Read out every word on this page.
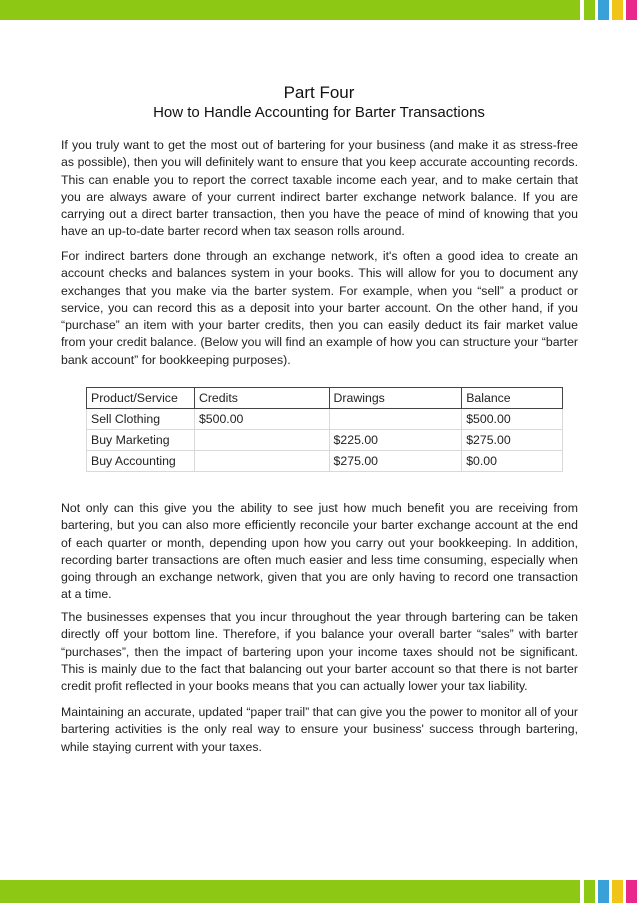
Part Four
How to Handle Accounting for Barter Transactions

If you truly want to get the most out of bartering for your business (and make it as stress-free as possible), then you will definitely want to ensure that you keep accurate accounting records. This can enable you to report the correct taxable income each year, and to make certain that you are always aware of your current indirect barter exchange network balance. If you are carrying out a direct barter transaction, then you have the peace of mind of knowing that you have an up-to-date barter record when tax season rolls around.

For indirect barters done through an exchange network, it's often a good idea to create an account checks and balances system in your books. This will allow for you to document any exchanges that you make via the barter system. For example, when you “sell” a product or service, you can record this as a deposit into your barter account. On the other hand, if you “purchase” an item with your barter credits, then you can easily deduct its fair market value from your credit balance. (Below you will find an example of how you can structure your “barter bank account” for bookkeeping purposes).

Product/Service	Credits	Drawings	Balance
Sell Clothing	$500.00		$500.00
Buy Marketing		$225.00	$275.00
Buy Accounting		$275.00	$0.00

Not only can this give you the ability to see just how much benefit you are receiving from bartering, but you can also more efficiently reconcile your barter exchange account at the end of each quarter or month, depending upon how you carry out your bookkeeping. In addition, recording barter transactions are often much easier and less time consuming, especially when going through an exchange network, given that you are only having to record one transaction at a time.

The businesses expenses that you incur throughout the year through bartering can be taken directly off your bottom line. Therefore, if you balance your overall barter “sales” with barter “purchases”, then the impact of bartering upon your income taxes should not be significant. This is mainly due to the fact that balancing out your barter account so that there is not barter credit profit reflected in your books means that you can actually lower your tax liability.

Maintaining an accurate, updated “paper trail” that can give you the power to monitor all of your bartering activities is the only real way to ensure your business' success through bartering, while staying current with your taxes.
